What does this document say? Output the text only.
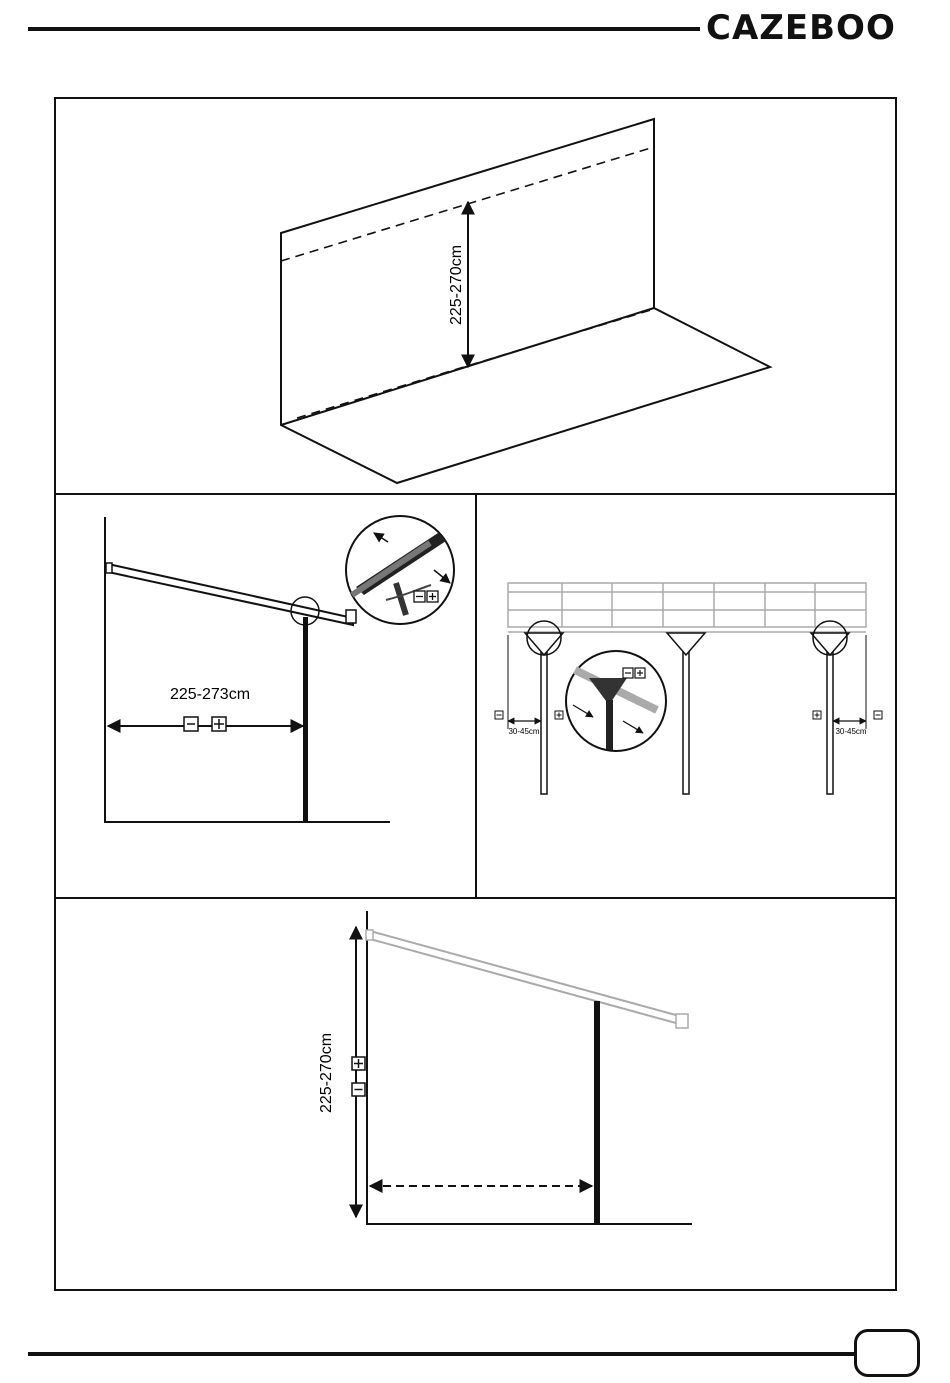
CAZEBOO
225-270cm
225-273cm
30-45cm	30-45cm
225-270cm
